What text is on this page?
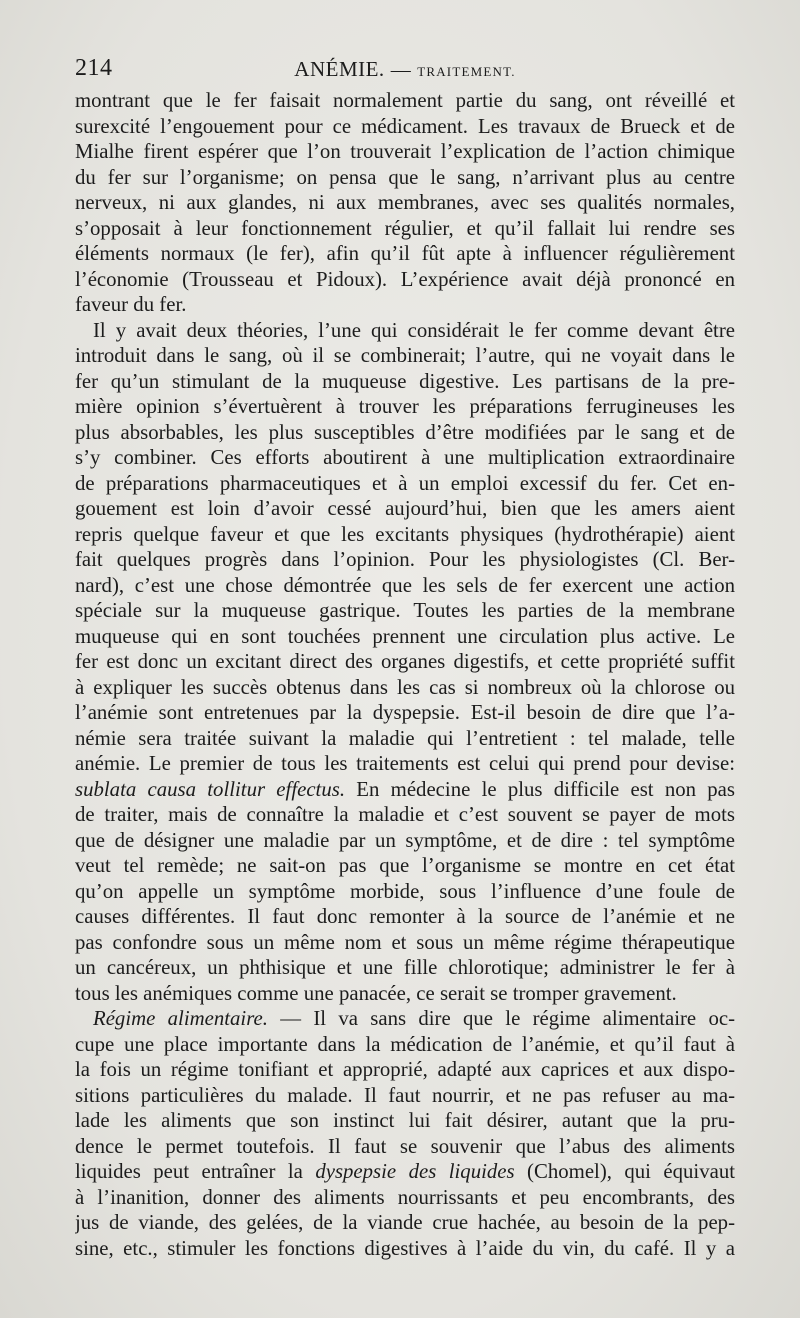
214	ANÉMIE. — TRAITEMENT.
montrant que le fer faisait normalement partie du sang, ont réveillé et
surexcité l’engouement pour ce médicament. Les travaux de Brueck et de
Mialhe firent espérer que l’on trouverait l’explication de l’action chimique
du fer sur l’organisme; on pensa que le sang, n’arrivant plus au centre
nerveux, ni aux glandes, ni aux membranes, avec ses qualités normales,
s’opposait à leur fonctionnement régulier, et qu’il fallait lui rendre ses
éléments normaux (le fer), afin qu’il fût apte à influencer régulièrement
l’économie (Trousseau et Pidoux). L’expérience avait déjà prononcé en
faveur du fer.
Il y avait deux théories, l’une qui considérait le fer comme devant être
introduit dans le sang, où il se combinerait; l’autre, qui ne voyait dans le
fer qu’un stimulant de la muqueuse digestive. Les partisans de la pre-
mière opinion s’évertuèrent à trouver les préparations ferrugineuses les
plus absorbables, les plus susceptibles d’être modifiées par le sang et de
s’y combiner. Ces efforts aboutirent à une multiplication extraordinaire
de préparations pharmaceutiques et à un emploi excessif du fer. Cet en-
gouement est loin d’avoir cessé aujourd’hui, bien que les amers aient
repris quelque faveur et que les excitants physiques (hydrothérapie) aient
fait quelques progrès dans l’opinion. Pour les physiologistes (Cl. Ber-
nard), c’est une chose démontrée que les sels de fer exercent une action
spéciale sur la muqueuse gastrique. Toutes les parties de la membrane
muqueuse qui en sont touchées prennent une circulation plus active. Le
fer est donc un excitant direct des organes digestifs, et cette propriété suffit
à expliquer les succès obtenus dans les cas si nombreux où la chlorose ou
l’anémie sont entretenues par la dyspepsie. Est-il besoin de dire que l’a-
némie sera traitée suivant la maladie qui l’entretient : tel malade, telle
anémie. Le premier de tous les traitements est celui qui prend pour devise:
sublata causa tollitur effectus. En médecine le plus difficile est non pas
de traiter, mais de connaître la maladie et c’est souvent se payer de mots
que de désigner une maladie par un symptôme, et de dire : tel symptôme
veut tel remède; ne sait-on pas que l’organisme se montre en cet état
qu’on appelle un symptôme morbide, sous l’influence d’une foule de
causes différentes. Il faut donc remonter à la source de l’anémie et ne
pas confondre sous un même nom et sous un même régime thérapeutique
un cancéreux, un phthisique et une fille chlorotique; administrer le fer à
tous les anémiques comme une panacée, ce serait se tromper gravement.
Régime alimentaire. — Il va sans dire que le régime alimentaire oc-
cupe une place importante dans la médication de l’anémie, et qu’il faut à
la fois un régime tonifiant et approprié, adapté aux caprices et aux dispo-
sitions particulières du malade. Il faut nourrir, et ne pas refuser au ma-
lade les aliments que son instinct lui fait désirer, autant que la pru-
dence le permet toutefois. Il faut se souvenir que l’abus des aliments
liquides peut entraîner la dyspepsie des liquides (Chomel), qui équivaut
à l’inanition, donner des aliments nourrissants et peu encombrants, des
jus de viande, des gelées, de la viande crue hachée, au besoin de la pep-
sine, etc., stimuler les fonctions digestives à l’aide du vin, du café. Il y a
